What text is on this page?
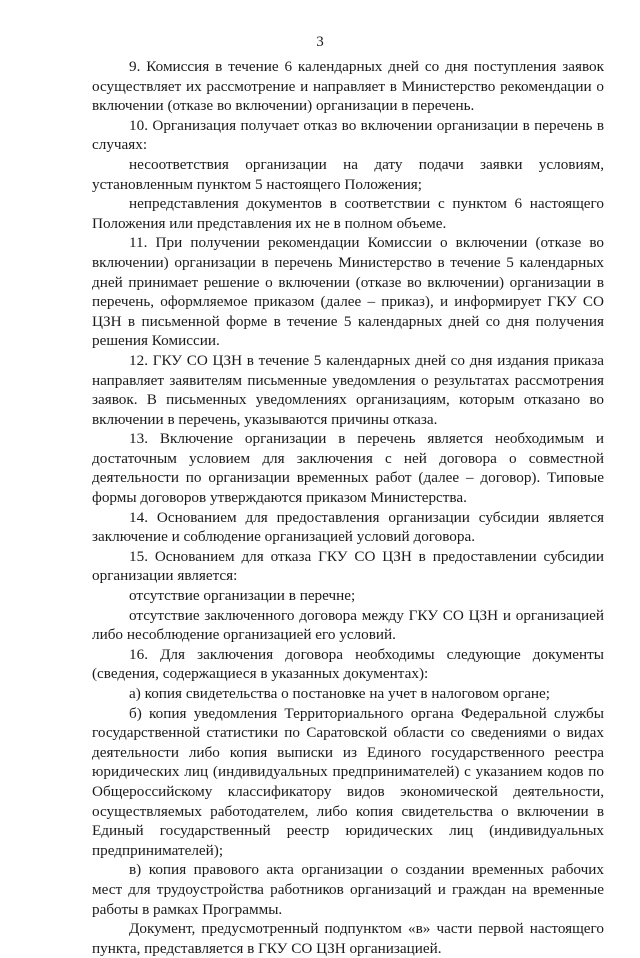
3

9. Комиссия в течение 6 календарных дней со дня поступления заявок осуществляет их рассмотрение и направляет в Министерство рекомендации о включении (отказе во включении) организации в перечень.

10. Организация получает отказ во включении организации в перечень в случаях:

несоответствия организации на дату подачи заявки условиям, установленным пунктом 5 настоящего Положения;

непредставления документов в соответствии с пунктом 6 настоящего Положения или представления их не в полном объеме.

11. При получении рекомендации Комиссии о включении (отказе во включении) организации в перечень Министерство в течение 5 календарных дней принимает решение о включении (отказе во включении) организации в перечень, оформляемое приказом (далее – приказ), и информирует ГКУ СО ЦЗН в письменной форме в течение 5 календарных дней со дня получения решения Комиссии.

12. ГКУ СО ЦЗН в течение 5 календарных дней со дня издания приказа направляет заявителям письменные уведомления о результатах рассмотрения заявок. В письменных уведомлениях организациям, которым отказано во включении в перечень, указываются причины отказа.

13. Включение организации в перечень является необходимым и достаточным условием для заключения с ней договора о совместной деятельности по организации временных работ (далее – договор). Типовые формы договоров утверждаются приказом Министерства.

14. Основанием для предоставления организации субсидии является заключение и соблюдение организацией условий договора.

15. Основанием для отказа ГКУ СО ЦЗН в предоставлении субсидии организации является:

отсутствие организации в перечне;

отсутствие заключенного договора между ГКУ СО ЦЗН и организацией либо несоблюдение организацией его условий.

16. Для заключения договора необходимы следующие документы (сведения, содержащиеся в указанных документах):

а) копия свидетельства о постановке на учет в налоговом органе;

б) копия уведомления Территориального органа Федеральной службы государственной статистики по Саратовской области со сведениями о видах деятельности либо копия выписки из Единого государственного реестра юридических лиц (индивидуальных предпринимателей) с указанием кодов по Общероссийскому классификатору видов экономической деятельности, осуществляемых работодателем, либо копия свидетельства о включении в Единый государственный реестр юридических лиц (индивидуальных предпринимателей);

в) копия правового акта организации о создании временных рабочих мест для трудоустройства работников организаций и граждан на временные работы в рамках Программы.

Документ, предусмотренный подпунктом «в» части первой настоящего пункта, представляется в ГКУ СО ЦЗН организацией.
